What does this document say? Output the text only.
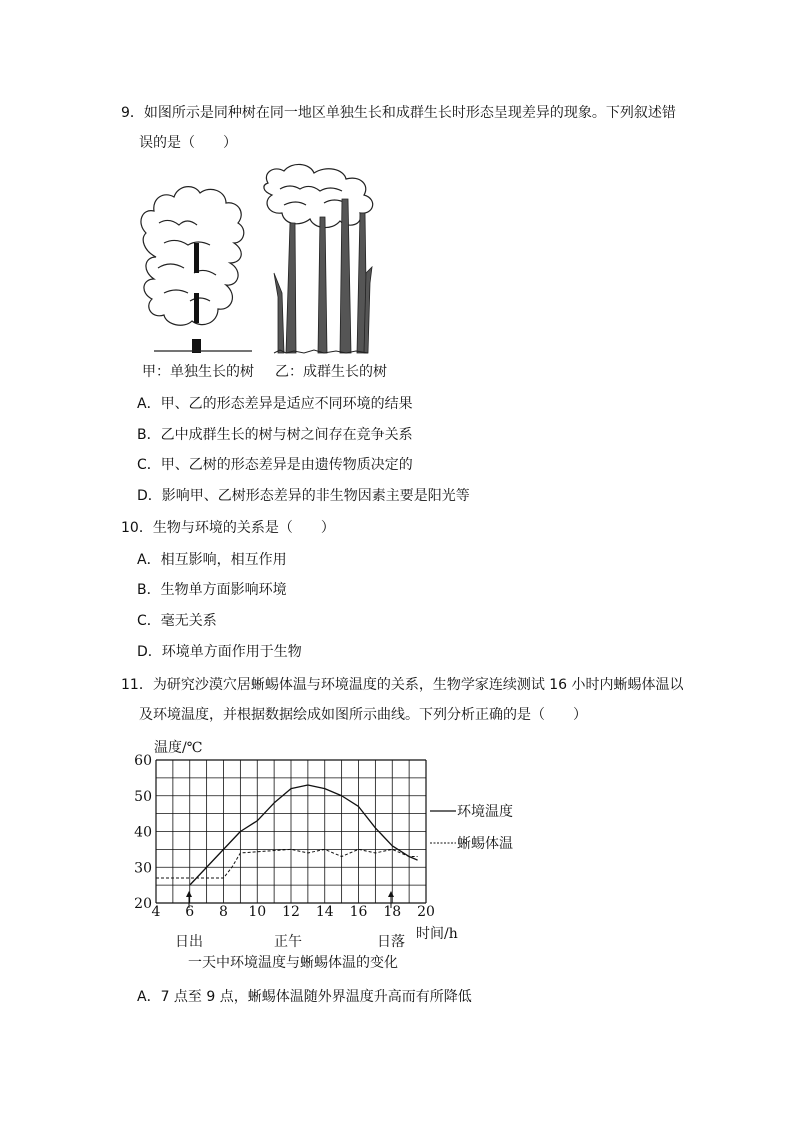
9．如图所示是同种树在同一地区单独生长和成群生长时形态呈现差异的现象。下列叙述错
误的是（　　）
甲：单独生长的树 乙：成群生长的树
A．甲、乙的形态差异是适应不同环境的结果
B．乙中成群生长的树与树之间存在竞争关系
C．甲、乙树的形态差异是由遗传物质决定的
D．影响甲、乙树形态差异的非生物因素主要是阳光等
10．生物与环境的关系是（　　）
A．相互影响，相互作用
B．生物单方面影响环境
C．毫无关系
D．环境单方面作用于生物
11．为研究沙漠穴居蜥蜴体温与环境温度的关系，生物学家连续测试 16 小时内蜥蜴体温以
及环境温度，并根据数据绘成如图所示曲线。下列分析正确的是（　　）
温度/℃
20
30
40
50
60
4 6 8 10 12 14 16 18 20
环境温度
蜥蜴体温
日出	正午	日落 时间/h
一天中环境温度与蜥蜴体温的变化
A．7 点至 9 点，蜥蜴体温随外界温度升高而有所降低
